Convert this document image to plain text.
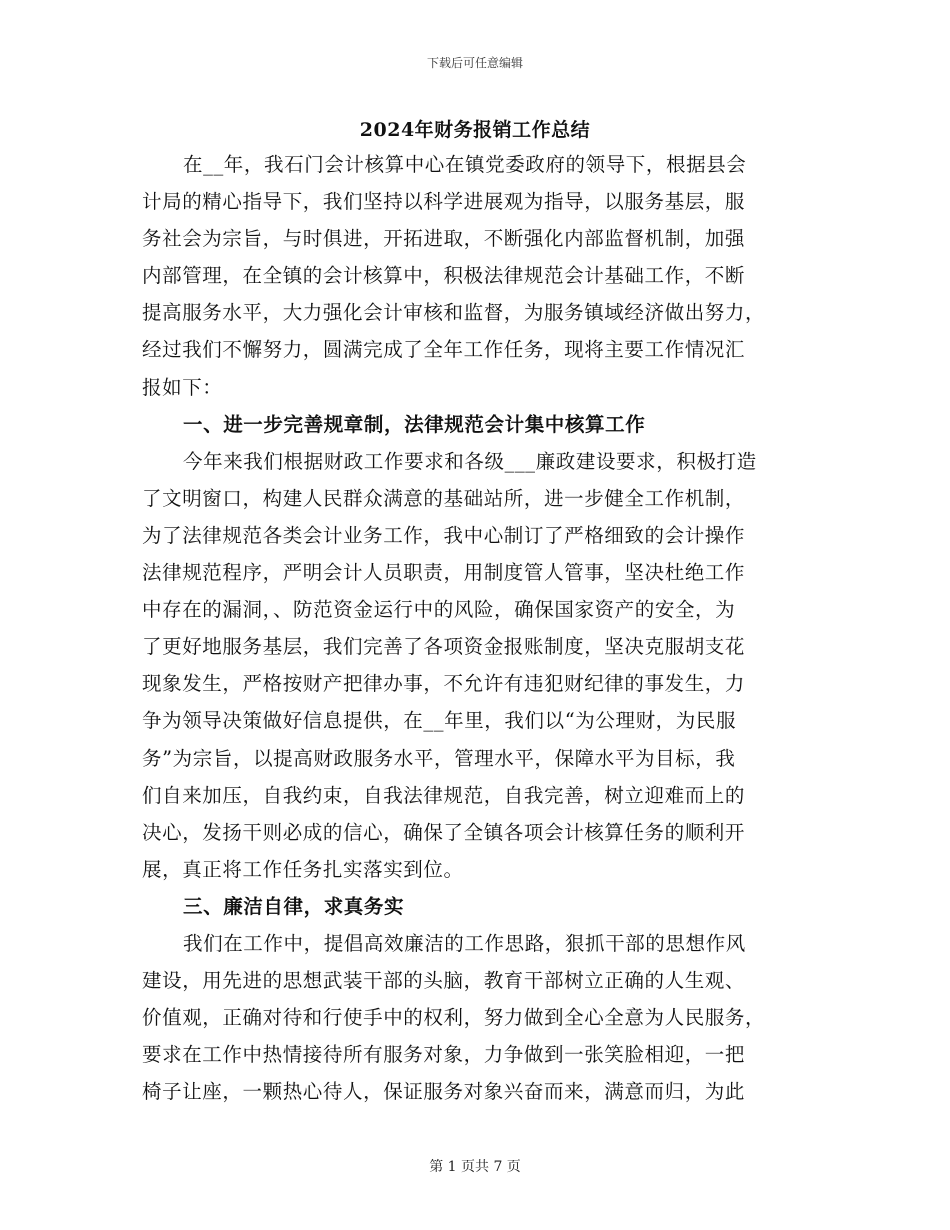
下载后可任意编辑
2024年财务报销工作总结
在__年，我石门会计核算中心在镇党委政府的领导下，根据县会
计局的精心指导下，我们坚持以科学进展观为指导，以服务基层，服
务社会为宗旨，与时俱进，开拓进取，不断强化内部监督机制，加强
内部管理，在全镇的会计核算中，积极法律规范会计基础工作，不断
提高服务水平，大力强化会计审核和监督，为服务镇域经济做出努力，
经过我们不懈努力，圆满完成了全年工作任务，现将主要工作情况汇
报如下：
一、进一步完善规章制，法律规范会计集中核算工作
今年来我们根据财政工作要求和各级___廉政建设要求，积极打造
了文明窗口，构建人民群众满意的基础站所，进一步健全工作机制，
为了法律规范各类会计业务工作，我中心制订了严格细致的会计操作
法律规范程序，严明会计人员职责，用制度管人管事，坚决杜绝工作
中存在的漏洞，、防范资金运行中的风险，确保国家资产的安全，为
了更好地服务基层，我们完善了各项资金报账制度，坚决克服胡支花
现象发生，严格按财产把律办事，不允许有违犯财纪律的事发生，力
争为领导决策做好信息提供，在__年里，我们以“为公理财，为民服
务”为宗旨，以提高财政服务水平，管理水平，保障水平为目标，我
们自来加压，自我约束，自我法律规范，自我完善，树立迎难而上的
决心，发扬干则必成的信心，确保了全镇各项会计核算任务的顺利开
展，真正将工作任务扎实落实到位。
三、廉洁自律，求真务实
我们在工作中，提倡高效廉洁的工作思路，狠抓干部的思想作风
建设，用先进的思想武装干部的头脑，教育干部树立正确的人生观、
价值观，正确对待和行使手中的权利，努力做到全心全意为人民服务，
要求在工作中热情接待所有服务对象，力争做到一张笑脸相迎，一把
椅子让座，一颗热心待人，保证服务对象兴奋而来，满意而归，为此
第 1 页共 7 页
